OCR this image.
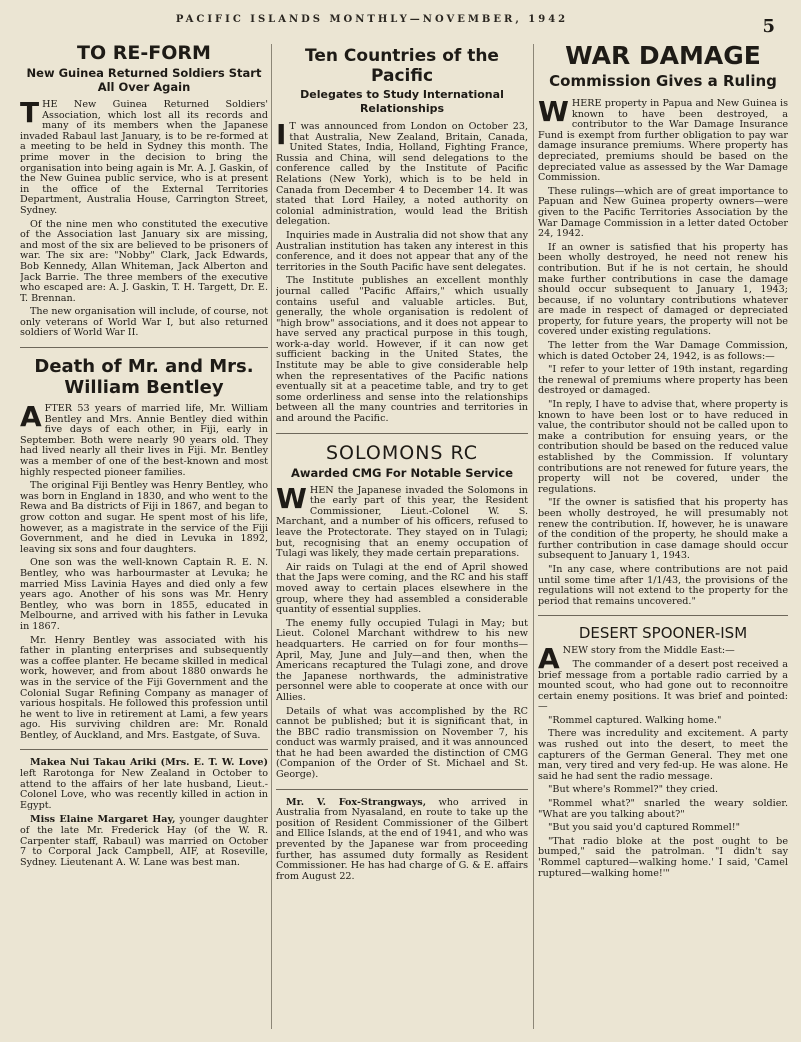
PACIFIC ISLANDS MONTHLY—NOVEMBER, 1942	5
TO RE-FORM
New Guinea Returned Soldiers Start All Over Again

THE New Guinea Returned Soldiers' Association, which lost all its records and many of its members when the Japanese invaded Rabaul last January, is to be re-formed at a meeting to be held in Sydney this month. The prime mover in the decision to bring the organisation into being again is Mr. A. J. Gaskin, of the New Guinea public service, who is at present in the office of the External Territories Department, Australia House, Carrington Street, Sydney.

Of the nine men who constituted the executive of the Association last January six are missing, and most of the six are believed to be prisoners of war. The six are: "Nobby" Clark, Jack Edwards, Bob Kennedy, Allan Whiteman, Jack Alberton and Jack Barrie. The three members of the executive who escaped are: A. J. Gaskin, T. H. Targett, Dr. E. T. Brennan.

The new organisation will include, of course, not only veterans of World War I, but also returned soldiers of World War II.

Death of Mr. and Mrs. William Bentley

AFTER 53 years of married life, Mr. William Bentley and Mrs. Annie Bentley died within five days of each other, in Fiji, early in September. Both were nearly 90 years old. They had lived nearly all their lives in Fiji. Mr. Bentley was a member of one of the best-known and most highly respected pioneer families.

The original Fiji Bentley was Henry Bentley, who was born in England in 1830, and who went to the Rewa and Ba districts of Fiji in 1867, and began to grow cotton and sugar. He spent most of his life, however, as a magistrate in the service of the Fiji Government, and he died in Levuka in 1892, leaving six sons and four daughters.

One son was the well-known Captain R. E. N. Bentley, who was harbourmaster at Levuka; he married Miss Lavinia Hayes and died only a few years ago. Another of his sons was Mr. Henry Bentley, who was born in 1855, educated in Melbourne, and arrived with his father in Levuka in 1867.

Mr. Henry Bentley was associated with his father in planting enterprises and subsequently was a coffee planter. He became skilled in medical work, however, and from about 1880 onwards he was in the service of the Fiji Government and the Colonial Sugar Refining Company as manager of various hospitals. He followed this profession until he went to live in retirement at Lami, a few years ago. His surviving children are: Mr. Ronald Bentley, of Auckland, and Mrs. Eastgate, of Suva.

Makea Nui Takau Ariki (Mrs. E. T. W. Love) left Rarotonga for New Zealand in October to attend to the affairs of her late husband, Lieut.-Colonel Love, who was recently killed in action in Egypt.

Miss Elaine Margaret Hay, younger daughter of the late Mr. Frederick Hay (of the W. R. Carpenter staff, Rabaul) was married on October 7 to Corporal Jack Campbell, AIF, at Roseville, Sydney. Lieutenant A. W. Lane was best man.

Ten Countries of the Pacific
Delegates to Study International Relationships

I T was announced from London on October 23, that Australia, New Zealand, Britain, Canada, United States, India, Holland, Fighting France, Russia and China, will send delegations to the conference called by the Institute of Pacific Relations (New York), which is to be held in Canada from December 4 to December 14. It was stated that Lord Hailey, a noted authority on colonial administration, would lead the British delegation.

Inquiries made in Australia did not show that any Australian institution has taken any interest in this conference, and it does not appear that any of the territories in the South Pacific have sent delegates.

The Institute publishes an excellent monthly journal called "Pacific Affairs," which usually contains useful and valuable articles. But, generally, the whole organisation is redolent of "high brow" associations, and it does not appear to have served any practical purpose in this tough, work-a-day world. However, if it can now get sufficient backing in the United States, the Institute may be able to give considerable help when the representatives of the Pacific nations eventually sit at a peacetime table, and try to get some orderliness and sense into the relationships between all the many countries and territories in and around the Pacific.

SOLOMONS RC
Awarded CMG For Notable Service

WHEN the Japanese invaded the Solomons in the early part of this year, the Resident Commissioner, Lieut.-Colonel W. S. Marchant, and a number of his officers, refused to leave the Protectorate. They stayed on in Tulagi; but, recognising that an enemy occupation of Tulagi was likely, they made certain preparations.

Air raids on Tulagi at the end of April showed that the Japs were coming, and the RC and his staff moved away to certain places elsewhere in the group, where they had assembled a considerable quantity of essential supplies.

The enemy fully occupied Tulagi in May; but Lieut. Colonel Marchant withdrew to his new headquarters. He carried on for four months—April, May, June and July—and then, when the Americans recaptured the Tulagi zone, and drove the Japanese northwards, the administrative personnel were able to cooperate at once with our Allies.

Details of what was accomplished by the RC cannot be published; but it is significant that, in the BBC radio transmission on November 7, his conduct was warmly praised, and it was announced that he had been awarded the distinction of CMG (Companion of the Order of St. Michael and St. George).

Mr. V. Fox-Strangways, who arrived in Australia from Nyasaland, en route to take up the position of Resident Commissioner of the Gilbert and Ellice Islands, at the end of 1941, and who was prevented by the Japanese war from proceeding further, has assumed duty formally as Resident Commissioner. He has had charge of G. & E. affairs from August 22.

WAR DAMAGE
Commission Gives a Ruling

WHERE property in Papua and New Guinea is known to have been destroyed, a contributor to the War Damage Insurance Fund is exempt from further obligation to pay war damage insurance premiums. Where property has depreciated, premiums should be based on the depreciated value as assessed by the War Damage Commission.

These rulings—which are of great importance to Papuan and New Guinea property owners—were given to the Pacific Territories Association by the War Damage Commission in a letter dated October 24, 1942.

If an owner is satisfied that his property has been wholly destroyed, he need not renew his contribution. But if he is not certain, he should make further contributions in case the damage should occur subsequent to January 1, 1943; because, if no voluntary contributions whatever are made in respect of damaged or depreciated property, for future years, the property will not be covered under existing regulations.

The letter from the War Damage Commission, which is dated October 24, 1942, is as follows:—

"I refer to your letter of 19th instant, regarding the renewal of premiums where property has been destroyed or damaged.

"In reply, I have to advise that, where property is known to have been lost or to have reduced in value, the contributor should not be called upon to make a contribution for ensuing years, or the contribution should be based on the reduced value established by the Commission. If voluntary contributions are not renewed for future years, the property will not be covered, under the regulations.

"If the owner is satisfied that his property has been wholly destroyed, he will presumably not renew the contribution. If, however, he is unaware of the condition of the property, he should make a further contribution in case damage should occur subsequent to January 1, 1943.

"In any case, where contributions are not paid until some time after 1/1/43, the provisions of the regulations will not extend to the property for the period that remains uncovered."

DESERT SPOONER-ISM

ANEW story from the Middle East:—

The commander of a desert post received a brief message from a portable radio carried by a mounted scout, who had gone out to reconnoitre certain enemy positions. It was brief and pointed:—

"Rommel captured. Walking home."

There was incredulity and excitement. A party was rushed out into the desert, to meet the capturers of the German General. They met one man, very tired and very fed-up. He was alone. He said he had sent the radio message.

"But where's Rommel?" they cried.

"Rommel what?" snarled the weary soldier. "What are you talking about?"

"But you said you'd captured Rommel!"

"That radio bloke at the post ought to be bumped," said the patrolman. "I didn't say 'Rommel captured—walking home.' I said, 'Camel ruptured—walking home!'"
